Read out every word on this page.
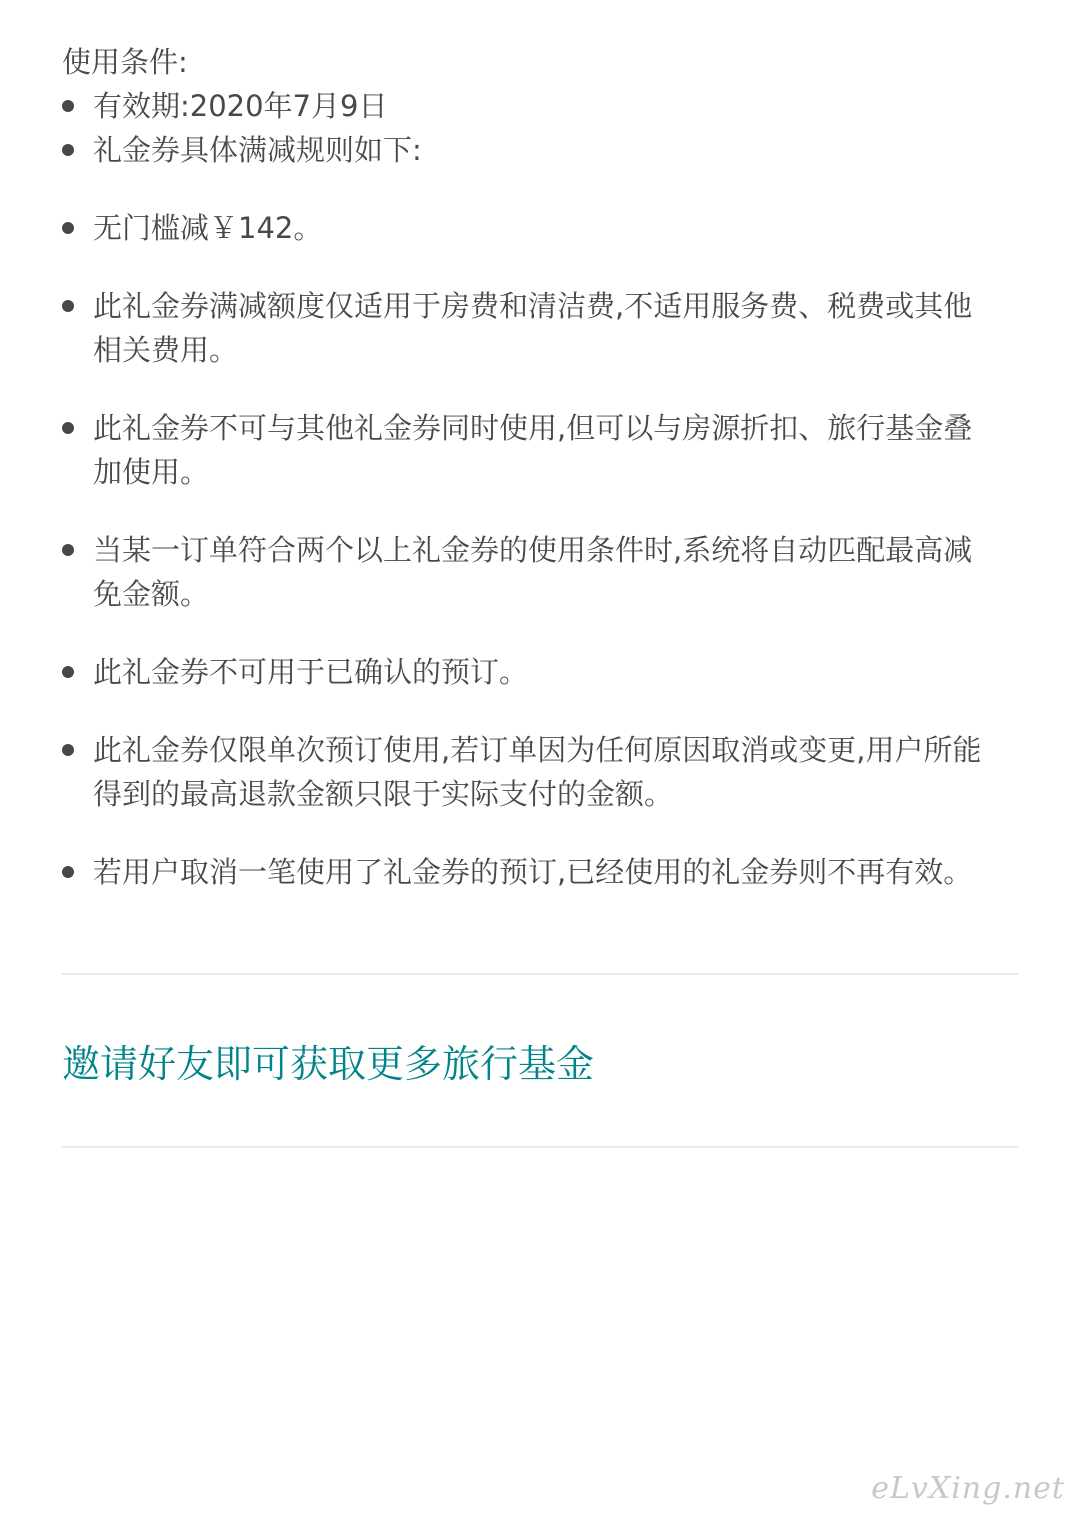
使用条件:

有效期:2020年7月9日
礼金券具体满减规则如下:
无门槛减￥142。
此礼金券满减额度仅适用于房费和清洁费,不适用服务费、税费或其他相关费用。
此礼金券不可与其他礼金券同时使用,但可以与房源折扣、旅行基金叠加使用。
当某一订单符合两个以上礼金券的使用条件时,系统将自动匹配最高减免金额。
此礼金券不可用于已确认的预订。
此礼金券仅限单次预订使用,若订单因为任何原因取消或变更,用户所能得到的最高退款金额只限于实际支付的金额。
若用户取消一笔使用了礼金券的预订,已经使用的礼金券则不再有效。
邀请好友即可获取更多旅行基金
eLvXing.net
